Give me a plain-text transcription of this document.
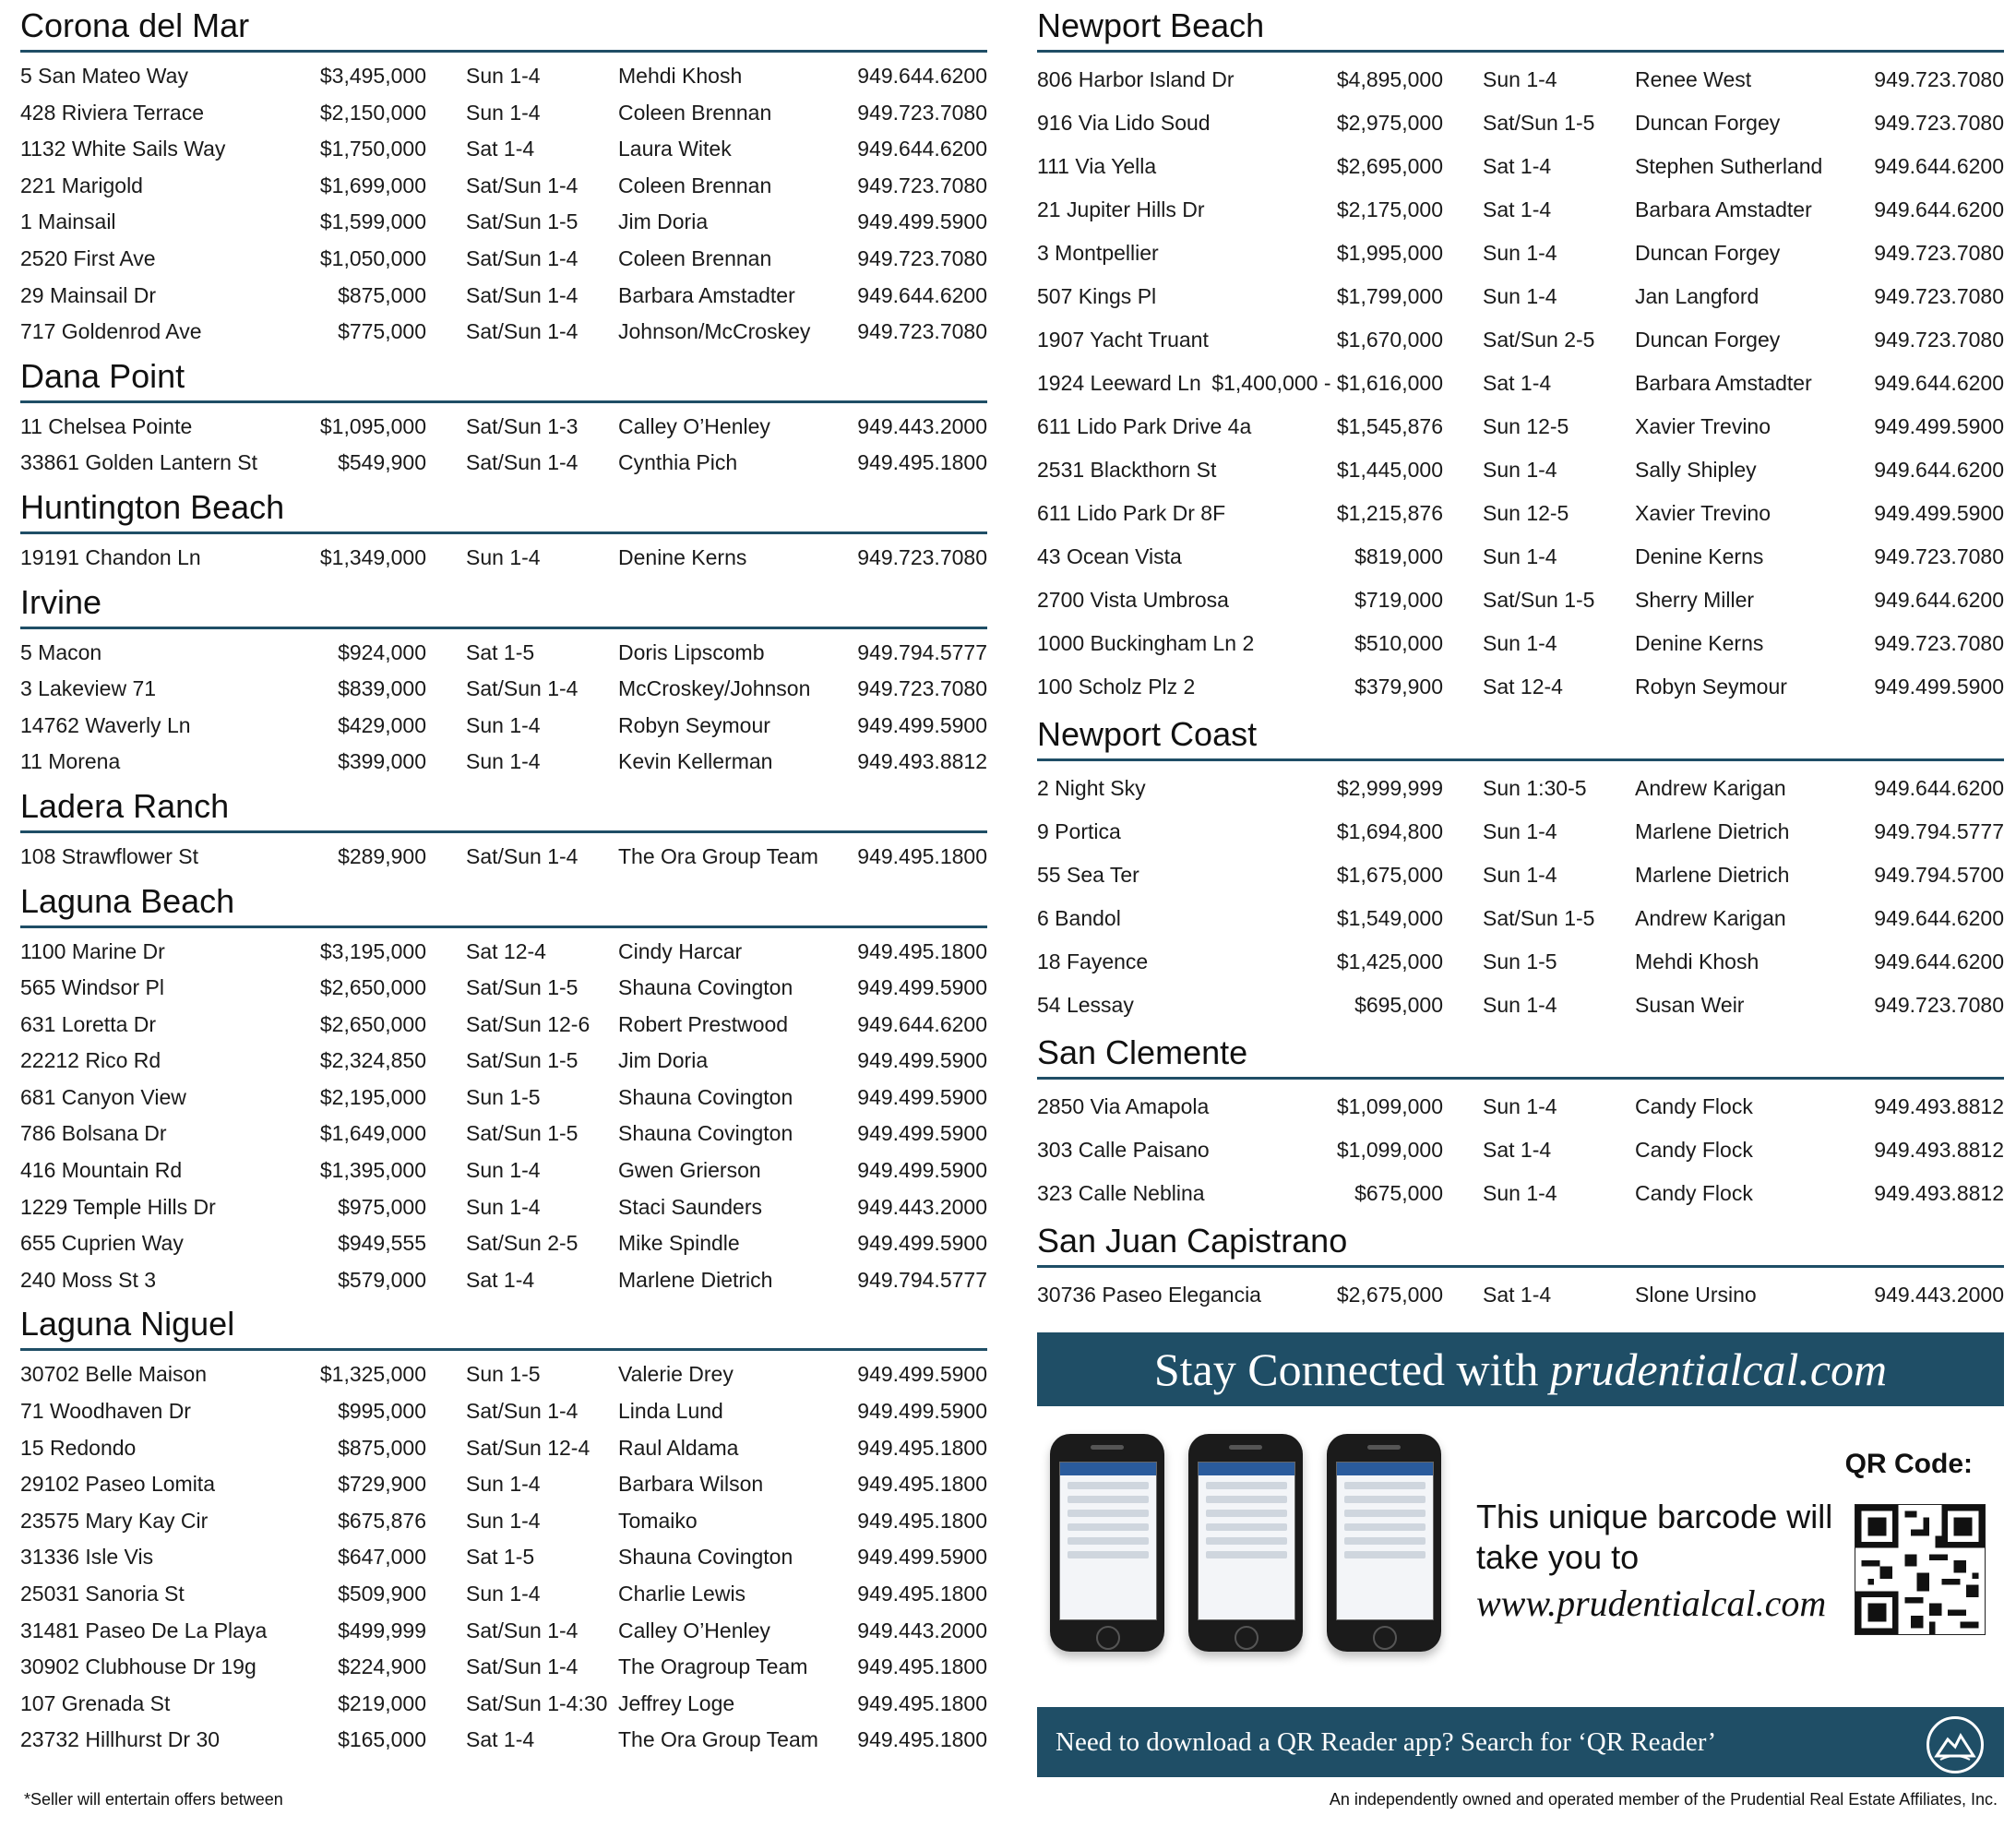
Corona del Mar
5 San Mateo Way	$3,495,000 Sun 1-4	Mehdi Khosh	949.644.6200
428 Riviera Terrace	$2,150,000 Sun 1-4	Coleen Brennan	949.723.7080
1132 White Sails Way	$1,750,000 Sat 1-4	Laura Witek	949.644.6200
221 Marigold	$1,699,000 Sat/Sun 1-4 Coleen Brennan	949.723.7080
1 Mainsail	$1,599,000 Sat/Sun 1-5 Jim Doria	949.499.5900
2520 First Ave	$1,050,000 Sat/Sun 1-4 Coleen Brennan	949.723.7080
29 Mainsail Dr	$875,000 Sat/Sun 1-4 Barbara Amstadter	949.644.6200
717 Goldenrod Ave	$775,000 Sat/Sun 1-4 Johnson/McCroskey 949.723.7080
Dana Point
11 Chelsea Pointe	$1,095,000 Sat/Sun 1-3 Calley O’Henley	949.443.2000
33861 Golden Lantern St	$549,900 Sat/Sun 1-4 Cynthia Pich	949.495.1800
Huntington Beach
19191 Chandon Ln	$1,349,000 Sun 1-4	Denine Kerns	949.723.7080
Irvine
5 Macon	$924,000 Sat 1-5	Doris Lipscomb	949.794.5777
3 Lakeview 71	$839,000 Sat/Sun 1-4 McCroskey/Johnson 949.723.7080
14762 Waverly Ln	$429,000 Sun 1-4	Robyn Seymour	949.499.5900
11 Morena	$399,000 Sun 1-4	Kevin Kellerman	949.493.8812
Ladera Ranch
108 Strawflower St	$289,900 Sat/Sun 1-4 The Ora Group Team 949.495.1800
Laguna Beach
1100 Marine Dr	$3,195,000 Sat 12-4	Cindy Harcar	949.495.1800
565 Windsor Pl	$2,650,000 Sat/Sun 1-5 Shauna Covington	949.499.5900
631 Loretta Dr	$2,650,000 Sat/Sun 12-6 Robert Prestwood	949.644.6200
22212 Rico Rd	$2,324,850 Sat/Sun 1-5 Jim Doria	949.499.5900
681 Canyon View	$2,195,000 Sun 1-5	Shauna Covington	949.499.5900
786 Bolsana Dr	$1,649,000 Sat/Sun 1-5 Shauna Covington	949.499.5900
416 Mountain Rd	$1,395,000 Sun 1-4	Gwen Grierson	949.499.5900
1229 Temple Hills Dr	$975,000 Sun 1-4	Staci Saunders	949.443.2000
655 Cuprien Way	$949,555 Sat/Sun 2-5 Mike Spindle	949.499.5900
240 Moss St 3	$579,000 Sat 1-4	Marlene Dietrich	949.794.5777
Laguna Niguel
30702 Belle Maison	$1,325,000 Sun 1-5	Valerie Drey	949.499.5900
71 Woodhaven Dr	$995,000 Sat/Sun 1-4 Linda Lund	949.499.5900
15 Redondo	$875,000 Sat/Sun 12-4 Raul Aldama	949.495.1800
29102 Paseo Lomita	$729,900 Sun 1-4	Barbara Wilson	949.495.1800
23575 Mary Kay Cir	$675,876 Sun 1-4	Tomaiko	949.495.1800
31336 Isle Vis	$647,000 Sat 1-5	Shauna Covington	949.499.5900
25031 Sanoria St	$509,900 Sun 1-4	Charlie Lewis	949.495.1800
31481 Paseo De La Playa	$499,999 Sat/Sun 1-4 Calley O’Henley	949.443.2000
30902 Clubhouse Dr 19g	$224,900 Sat/Sun 1-4 The Oragroup Team 949.495.1800
107 Grenada St	$219,000 Sat/Sun 1-4:30 Jeffrey Loge	949.495.1800
23732 Hillhurst Dr 30	$165,000 Sat 1-4	The Ora Group Team 949.495.1800
Newport Beach
806 Harbor Island Dr	$4,895,000 Sun 1-4	Renee West	949.723.7080
916 Via Lido Soud	$2,975,000 Sat/Sun 1-5 Duncan Forgey	949.723.7080
111 Via Yella	$2,695,000 Sat 1-4	Stephen Sutherland 949.644.6200
21 Jupiter Hills Dr	$2,175,000 Sat 1-4	Barbara Amstadter	949.644.6200
3 Montpellier	$1,995,000 Sun 1-4	Duncan Forgey	949.723.7080
507 Kings Pl	$1,799,000 Sun 1-4	Jan Langford	949.723.7080
1907 Yacht Truant	$1,670,000 Sat/Sun 2-5 Duncan Forgey	949.723.7080
1924 Leeward Ln $1,400,000 - $1,616,000 Sat 1-4	Barbara Amstadter	949.644.6200
611 Lido Park Drive 4a	$1,545,876 Sun 12-5	Xavier Trevino	949.499.5900
2531 Blackthorn St	$1,445,000 Sun 1-4	Sally Shipley	949.644.6200
611 Lido Park Dr 8F	$1,215,876 Sun 12-5	Xavier Trevino	949.499.5900
43 Ocean Vista	$819,000 Sun 1-4	Denine Kerns	949.723.7080
2700 Vista Umbrosa	$719,000 Sat/Sun 1-5 Sherry Miller	949.644.6200
1000 Buckingham Ln 2	$510,000 Sun 1-4	Denine Kerns	949.723.7080
100 Scholz Plz 2	$379,900 Sat 12-4	Robyn Seymour	949.499.5900
Newport Coast
2 Night Sky	$2,999,999 Sun 1:30-5 Andrew Karigan	949.644.6200
9 Portica	$1,694,800 Sun 1-4	Marlene Dietrich	949.794.5777
55 Sea Ter	$1,675,000 Sun 1-4	Marlene Dietrich	949.794.5700
6 Bandol	$1,549,000 Sat/Sun 1-5 Andrew Karigan	949.644.6200
18 Fayence	$1,425,000 Sun 1-5	Mehdi Khosh	949.644.6200
54 Lessay	$695,000 Sun 1-4	Susan Weir	949.723.7080
San Clemente
2850 Via Amapola	$1,099,000 Sun 1-4	Candy Flock	949.493.8812
303 Calle Paisano	$1,099,000 Sat 1-4	Candy Flock	949.493.8812
323 Calle Neblina	$675,000 Sun 1-4	Candy Flock	949.493.8812
San Juan Capistrano
30736 Paseo Elegancia	$2,675,000 Sat 1-4	Slone Ursino	949.443.2000
Stay Connected with prudentialcal.com
QR Code:
This unique barcode will take you to
www.prudentialcal.com
Need to download a QR Reader app? Search for ‘QR Reader’
*Seller will entertain offers between	An independently owned and operated member of the Prudential Real Estate Affiliates, Inc.
